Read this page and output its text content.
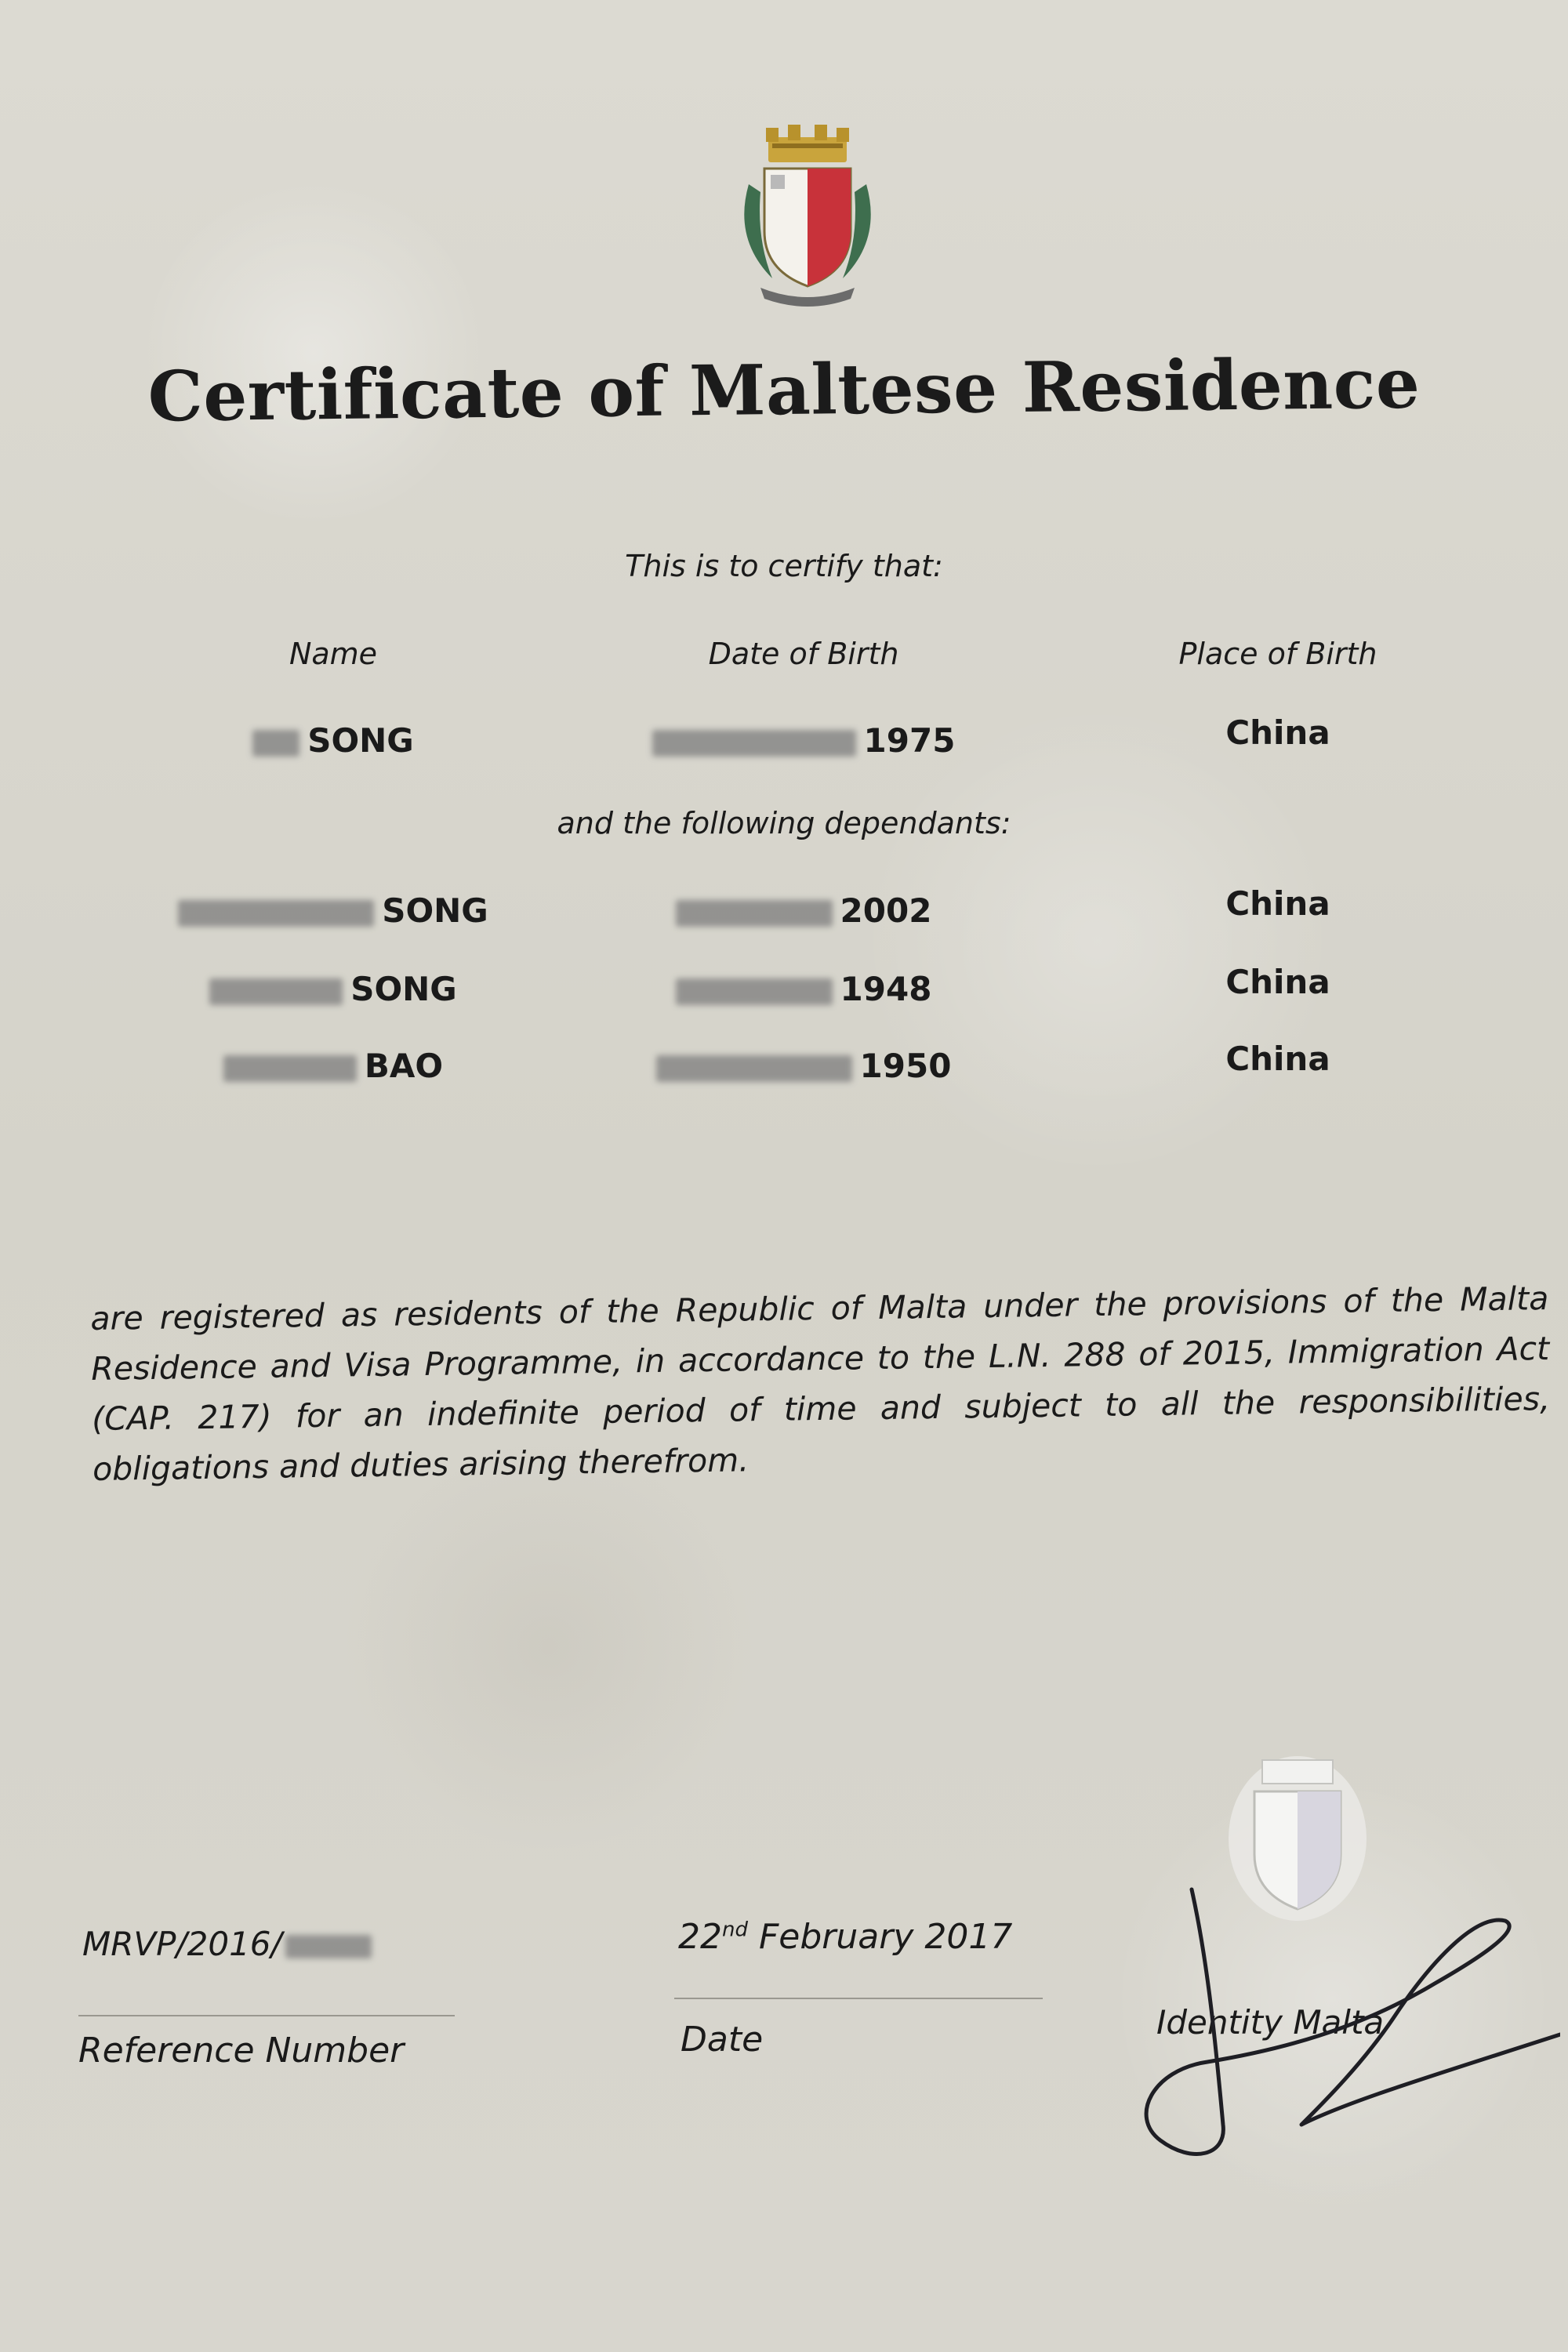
Certificate of Maltese Residence
This is to certify that:
Name	Date of Birth	Place of Birth
SONG	1975	China
and the following dependants:
SONG	2002	China
SONG	1948	China
BAO	1950	China
are registered as residents of the Republic of Malta under the provisions of the Malta Residence and Visa Programme, in accordance to the L.N. 288 of 2015, Immigration Act (CAP. 217) for an indefinite period of time and subject to all the responsibilities, obligations and duties arising therefrom.
MRVP/2016/
Reference Number
22nd February 2017
Date	Identity Malta
